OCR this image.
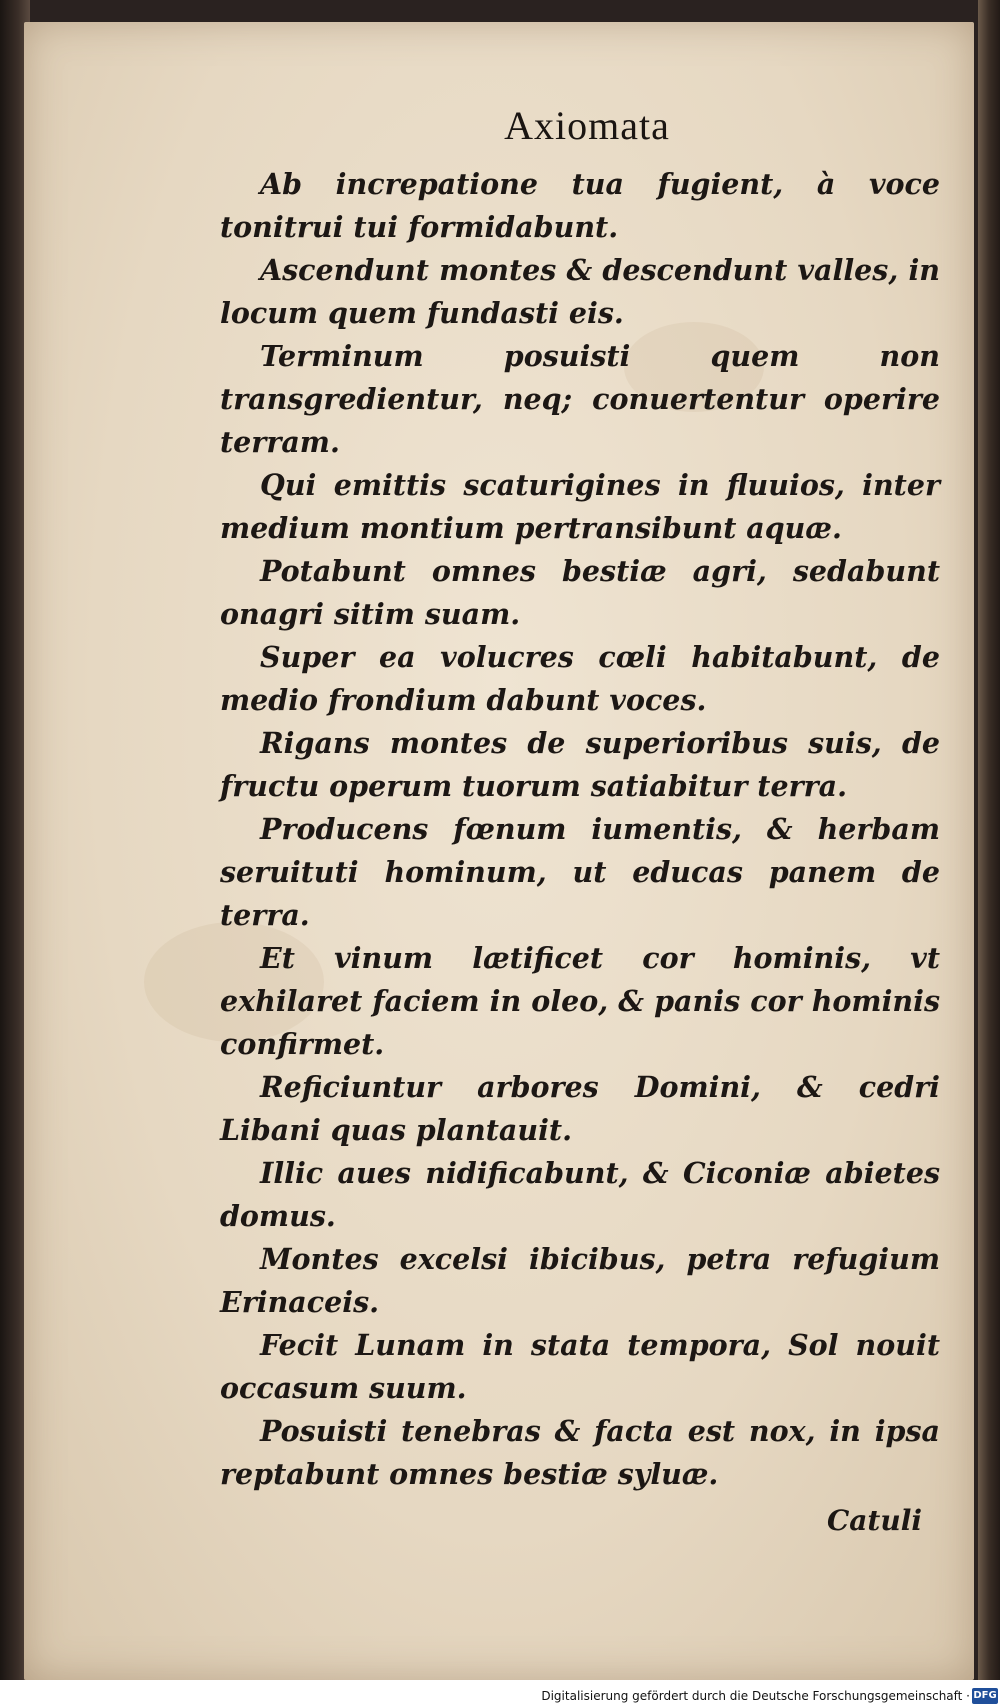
Axiomata

Ab increpatione tua fugient, à voce tonitrui tui formidabunt.

Ascendunt montes & descendunt valles, in locum quem fundasti eis.

Terminum posuisti quem non transgredientur, neq; conuertentur operire terram.

Qui emittis scaturigines in fluuios, inter medium montium pertransibunt aquæ.

Potabunt omnes bestiæ agri, sedabunt onagri sitim suam.

Super ea volucres cœli habitabunt, de medio frondium dabunt voces.

Rigans montes de superioribus suis, de fructu operum tuorum satiabitur terra.

Producens fœnum iumentis, & herbam seruituti hominum, ut educas panem de terra.

Et vinum lætificet cor hominis, vt exhilaret faciem in oleo, & panis cor hominis confirmet.

Reficiuntur arbores Domini, & cedri Libani quas plantauit.

Illic aues nidificabunt, & Ciconiæ abietes domus.

Montes excelsi ibicibus, petra refugium Erinaceis.

Fecit Lunam in stata tempora, Sol nouit occasum suum.

Posuisti tenebras & facta est nox, in ipsa reptabunt omnes bestiæ syluæ.

Catuli
Digitalisierung gefördert durch die Deutsche Forschungsgemeinschaft · DFG
